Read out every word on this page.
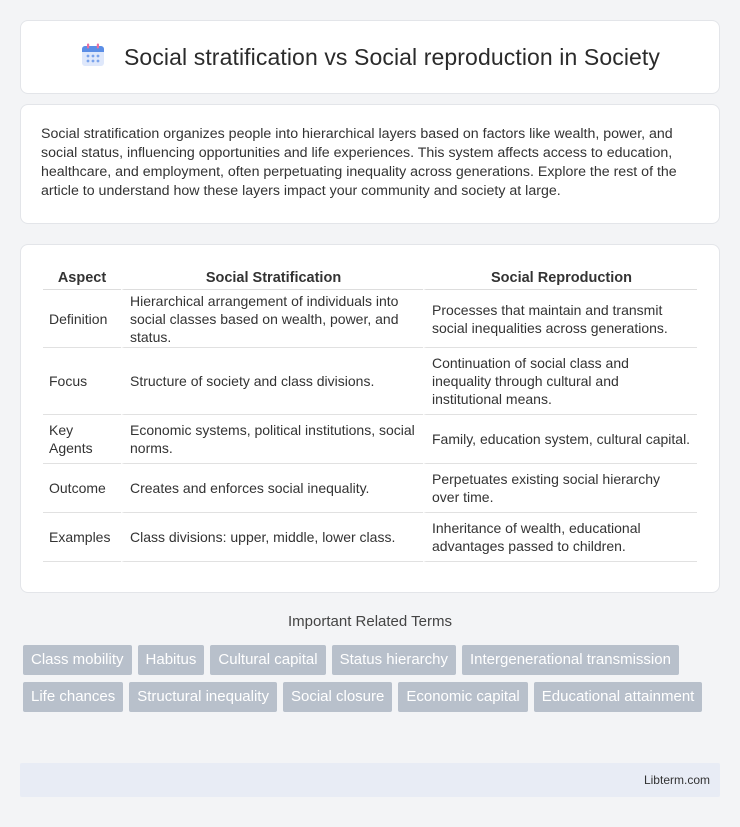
Social stratification vs Social reproduction in Society

Social stratification organizes people into hierarchical layers based on factors like wealth, power, and social status, influencing opportunities and life experiences. This system affects access to education, healthcare, and employment, often perpetuating inequality across generations. Explore the rest of the article to understand how these layers impact your community and society at large.

Aspect	Social Stratification	Social Reproduction
Definition	Hierarchical arrangement of individuals into social classes based on wealth, power, and status.	Processes that maintain and transmit social inequalities across generations.
Focus	Structure of society and class divisions.	Continuation of social class and inequality through cultural and institutional means.
Key Agents	Economic systems, political institutions, social norms.	Family, education system, cultural capital.
Outcome	Creates and enforces social inequality.	Perpetuates existing social hierarchy over time.
Examples	Class divisions: upper, middle, lower class.	Inheritance of wealth, educational advantages passed to children.
Important Related Terms
Class mobility	Habitus	Cultural capital	Status hierarchy	Intergenerational transmission
Life chances	Structural inequality	Social closure	Economic capital	Educational attainment
Libterm.com
